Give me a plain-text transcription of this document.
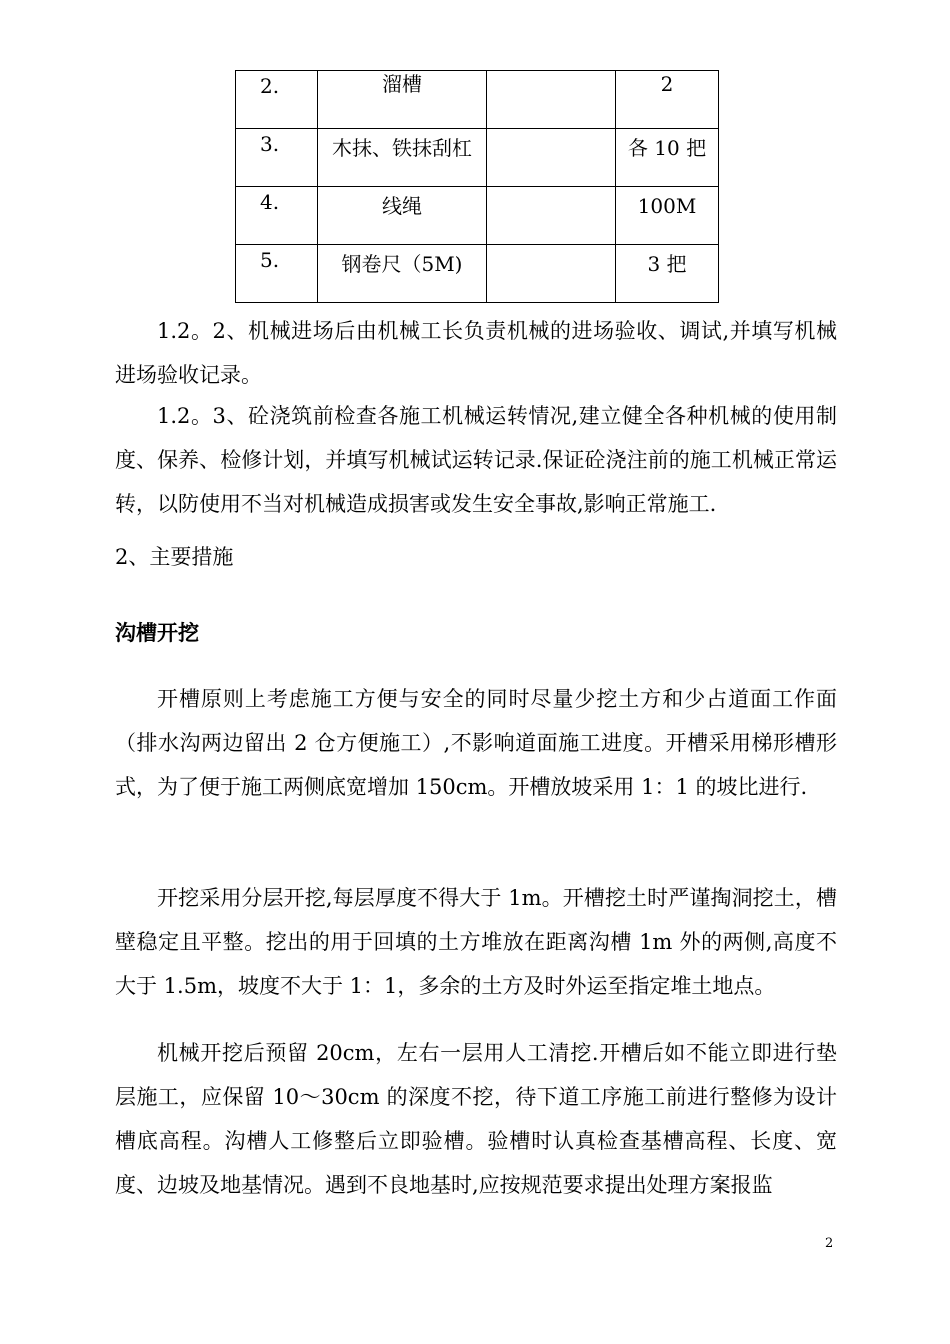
2.	溜槽		2
3.	木抹、铁抹刮杠		各 10 把
4.	线绳		100M
5.	钢卷尺（5M)		3 把

1.2。2、机械进场后由机械工长负责机械的进场验收、调试,并填写机械进场验收记录。

1.2。3、砼浇筑前检查各施工机械运转情况,建立健全各种机械的使用制度、保养、检修计划，并填写机械试运转记录.保证砼浇注前的施工机械正常运转，以防使用不当对机械造成损害或发生安全事故,影响正常施工.

2、主要措施

沟槽开挖

开槽原则上考虑施工方便与安全的同时尽量少挖土方和少占道面工作面（排水沟两边留出 2 仓方便施工）,不影响道面施工进度。开槽采用梯形槽形式，为了便于施工两侧底宽增加 150cm。开槽放坡采用 1：1 的坡比进行.

开挖采用分层开挖,每层厚度不得大于 1m。开槽挖土时严谨掏洞挖土，槽壁稳定且平整。挖出的用于回填的土方堆放在距离沟槽 1m 外的两侧,高度不大于 1.5m，坡度不大于 1：1，多余的土方及时外运至指定堆土地点。

机械开挖后预留 20cm，左右一层用人工清挖.开槽后如不能立即进行垫层施工，应保留 10～30cm 的深度不挖，待下道工序施工前进行整修为设计槽底高程。沟槽人工修整后立即验槽。验槽时认真检查基槽高程、长度、宽度、边坡及地基情况。遇到不良地基时,应按规范要求提出处理方案报监

2
